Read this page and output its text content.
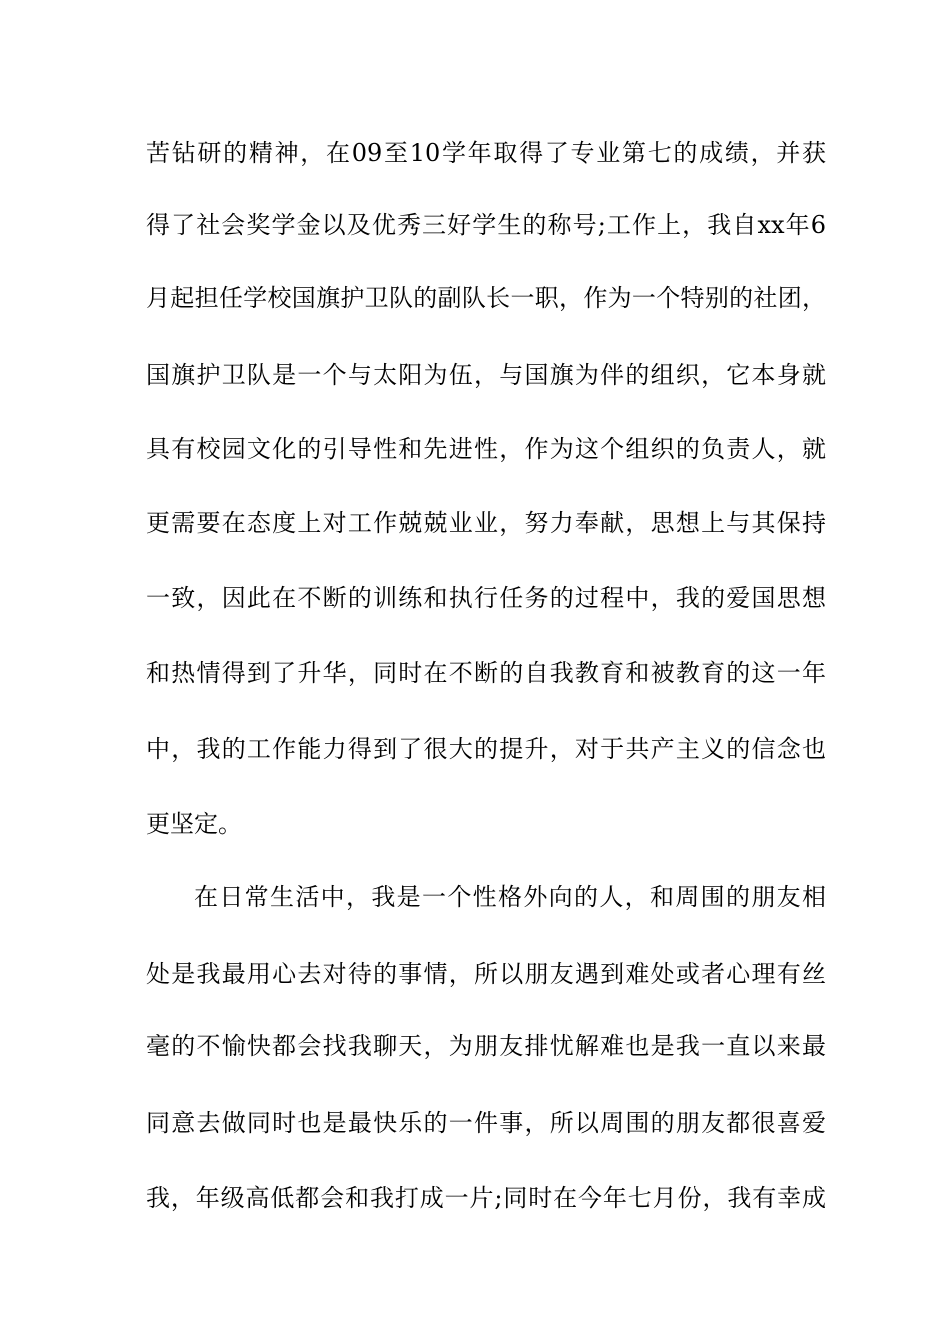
苦钻研的精神，在09至10学年取得了专业第七的成绩，并获
得了社会奖学金以及优秀三好学生的称号;工作上，我自xx年6
月起担任学校国旗护卫队的副队长一职，作为一个特别的社团，
国旗护卫队是一个与太阳为伍，与国旗为伴的组织，它本身就
具有校园文化的引导性和先进性，作为这个组织的负责人，就
更需要在态度上对工作兢兢业业，努力奉献，思想上与其保持
一致，因此在不断的训练和执行任务的过程中，我的爱国思想
和热情得到了升华，同时在不断的自我教育和被教育的这一年
中，我的工作能力得到了很大的提升，对于共产主义的信念也
更坚定。
在日常生活中，我是一个性格外向的人，和周围的朋友相
处是我最用心去对待的事情，所以朋友遇到难处或者心理有丝
毫的不愉快都会找我聊天，为朋友排忧解难也是我一直以来最
同意去做同时也是最快乐的一件事，所以周围的朋友都很喜爱
我，年级高低都会和我打成一片;同时在今年七月份，我有幸成
